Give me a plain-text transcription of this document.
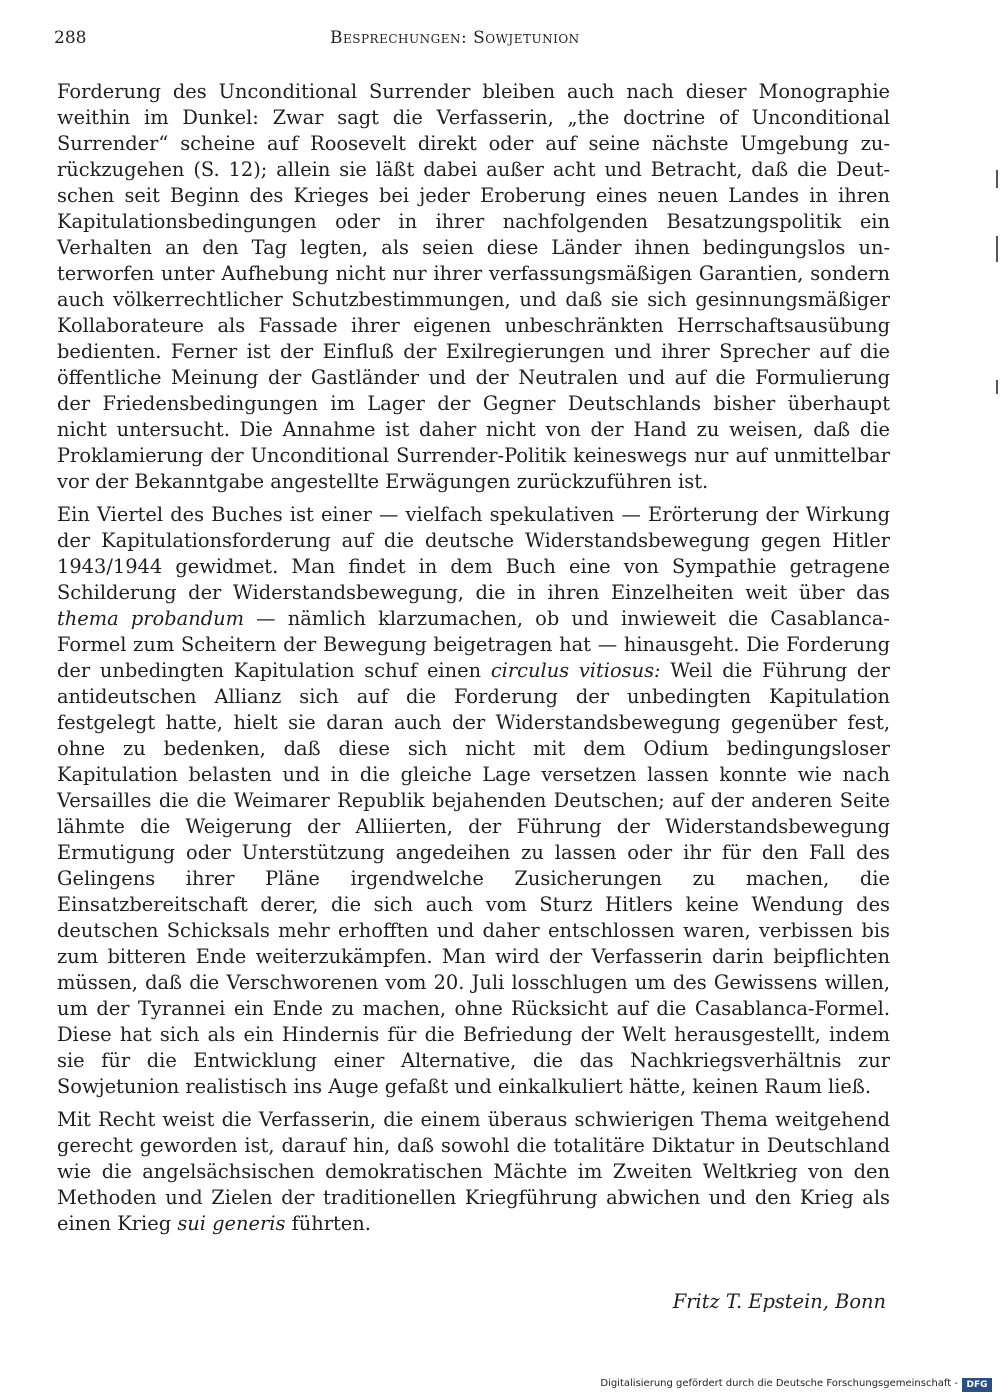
288	Besprechungen: Sowjetunion

Forderung des Unconditional Surrender bleiben auch nach dieser Monographie weithin im Dunkel: Zwar sagt die Verfasserin, „the doctrine of Unconditional Surrender“ scheine auf Roosevelt direkt oder auf seine nächste Umgebung zurückzugehen (S. 12); allein sie läßt dabei außer acht und Betracht, daß die Deutschen seit Beginn des Krieges bei jeder Eroberung eines neuen Landes in ihren Kapitulationsbedingungen oder in ihrer nachfolgenden Besatzungspolitik ein Verhalten an den Tag legten, als seien diese Länder ihnen bedingungslos unterworfen unter Aufhebung nicht nur ihrer verfassungsmäßigen Garantien, sondern auch völkerrechtlicher Schutzbestimmungen, und daß sie sich gesinnungsmäßiger Kollaborateure als Fassade ihrer eigenen unbeschränkten Herrschaftsausübung bedienten. Ferner ist der Einfluß der Exilregierungen und ihrer Sprecher auf die öffentliche Meinung der Gastländer und der Neutralen und auf die Formulierung der Friedensbedingungen im Lager der Gegner Deutschlands bisher überhaupt nicht untersucht. Die Annahme ist daher nicht von der Hand zu weisen, daß die Proklamierung der Unconditional Surrender-Politik keineswegs nur auf unmittelbar vor der Bekanntgabe angestellte Erwägungen zurückzuführen ist.

Ein Viertel des Buches ist einer — vielfach spekulativen — Erörterung der Wirkung der Kapitulationsforderung auf die deutsche Widerstandsbewegung gegen Hitler 1943/1944 gewidmet. Man findet in dem Buch eine von Sympathie getragene Schilderung der Widerstandsbewegung, die in ihren Einzelheiten weit über das thema probandum — nämlich klarzumachen, ob und inwieweit die Casablanca-Formel zum Scheitern der Bewegung beigetragen hat — hinausgeht. Die Forderung der unbedingten Kapitulation schuf einen circulus vitiosus: Weil die Führung der antideutschen Allianz sich auf die Forderung der unbedingten Kapitulation festgelegt hatte, hielt sie daran auch der Widerstandsbewegung gegenüber fest, ohne zu bedenken, daß diese sich nicht mit dem Odium bedingungsloser Kapitulation belasten und in die gleiche Lage versetzen lassen konnte wie nach Versailles die die Weimarer Republik bejahenden Deutschen; auf der anderen Seite lähmte die Weigerung der Alliierten, der Führung der Widerstandsbewegung Ermutigung oder Unterstützung angedeihen zu lassen oder ihr für den Fall des Gelingens ihrer Pläne irgendwelche Zusicherungen zu machen, die Einsatzbereitschaft derer, die sich auch vom Sturz Hitlers keine Wendung des deutschen Schicksals mehr erhofften und daher entschlossen waren, verbissen bis zum bitteren Ende weiterzukämpfen. Man wird der Verfasserin darin beipflichten müssen, daß die Verschworenen vom 20. Juli losschlugen um des Gewissens willen, um der Tyrannei ein Ende zu machen, ohne Rücksicht auf die Casablanca-Formel. Diese hat sich als ein Hindernis für die Befriedung der Welt herausgestellt, indem sie für die Entwicklung einer Alternative, die das Nachkriegsverhältnis zur Sowjetunion realistisch ins Auge gefaßt und einkalkuliert hätte, keinen Raum ließ.

Mit Recht weist die Verfasserin, die einem überaus schwierigen Thema weitgehend gerecht geworden ist, darauf hin, daß sowohl die totalitäre Diktatur in Deutschland wie die angelsächsischen demokratischen Mächte im Zweiten Weltkrieg von den Methoden und Zielen der traditionellen Kriegführung abwichen und den Krieg als einen Krieg sui generis führten.

Fritz T. Epstein, Bonn
Digitalisierung gefördert durch die Deutsche Forschungsgemeinschaft - DFG
